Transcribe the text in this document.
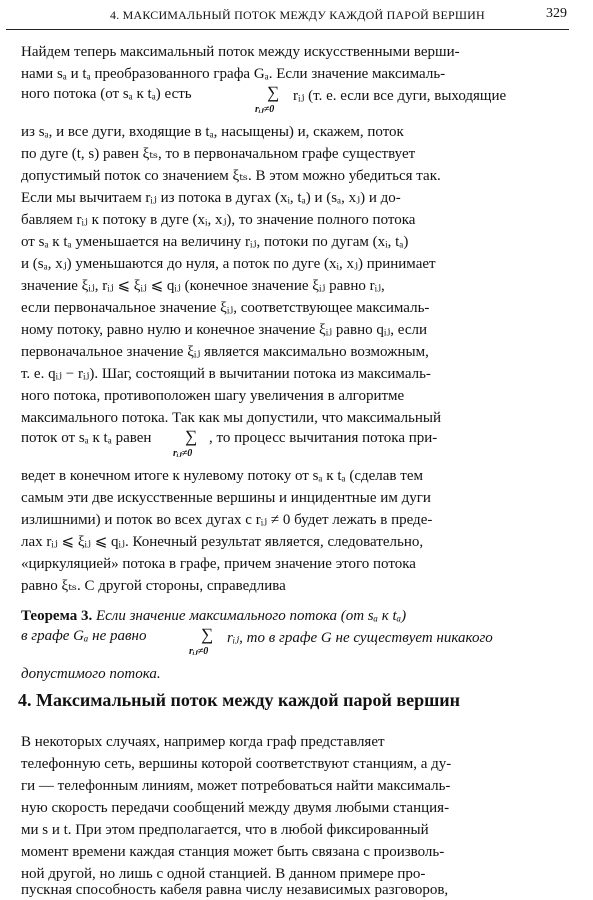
4. МАКСИМАЛЬНЫЙ ПОТОК МЕЖДУ КАЖДОЙ ПАРОЙ ВЕРШИН	329
Найдем теперь максимальный поток между искусственными верши-
нами sₐ и tₐ преобразованного графа Gₐ. Если значение максималь-
ного потока (от sₐ к tₐ) есть	∑
rᵢⱼ≠0
rᵢⱼ (т. е. если все дуги, выходящие
из sₐ, и все дуги, входящие в tₐ, насыщены) и, скажем, поток
по дуге (t, s) равен ξₜₛ, то в первоначальном графе существует
допустимый поток со значением ξₜₛ. В этом можно убедиться так.
Если мы вычитаем rᵢⱼ из потока в дугах (xᵢ, tₐ) и (sₐ, xⱼ) и до-
бавляем rᵢⱼ к потоку в дуге (xᵢ, xⱼ), то значение полного потока
от sₐ к tₐ уменьшается на величину rᵢⱼ, потоки по дугам (xᵢ, tₐ)
и (sₐ, xⱼ) уменьшаются до нуля, а поток по дуге (xᵢ, xⱼ) принимает
значение ξᵢⱼ, rᵢⱼ ⩽ ξᵢⱼ ⩽ qᵢⱼ (конечное значение ξᵢⱼ равно rᵢⱼ,
если первоначальное значение ξᵢⱼ, соответствующее максималь-
ному потоку, равно нулю и конечное значение ξᵢⱼ равно qᵢⱼ, если
первоначальное значение ξᵢⱼ является максимально возможным,
т. е. qᵢⱼ − rᵢⱼ). Шаг, состоящий в вычитании потока из максималь-
ного потока, противоположен шагу увеличения в алгоритме
максимального потока. Так как мы допустили, что максимальный
поток от sₐ к tₐ равен ∑
rᵢⱼ≠0
, то процесс вычитания потока при-
ведет в конечном итоге к нулевому потоку от sₐ к tₐ (сделав тем
самым эти две искусственные вершины и инцидентные им дуги
излишними) и поток во всех дугах с rᵢⱼ ≠ 0 будет лежать в преде-
лах rᵢⱼ ⩽ ξᵢⱼ ⩽ qᵢⱼ. Конечный результат является, следовательно,
«циркуляцией» потока в графе, причем значение этого потока
равно ξₜₛ. С другой стороны, справедлива
Теорема 3. Если значение максимального потока (от sₐ к tₐ)
в графе Gₐ не равно	∑
rᵢⱼ≠0
rᵢⱼ, то в графе G не существует никакого
допустимого потока.
4. Максимальный поток между каждой парой вершин
В некоторых случаях, например когда граф представляет
телефонную сеть, вершины которой соответствуют станциям, а ду-
ги — телефонным линиям, может потребоваться найти максималь-
ную скорость передачи сообщений между двумя любыми станция-
ми s и t. При этом предполагается, что в любой фиксированный
момент времени каждая станция может быть связана с произволь-
ной другой, но лишь с одной станцией. В данном примере про-
пускная способность кабеля равна числу независимых разговоров,
